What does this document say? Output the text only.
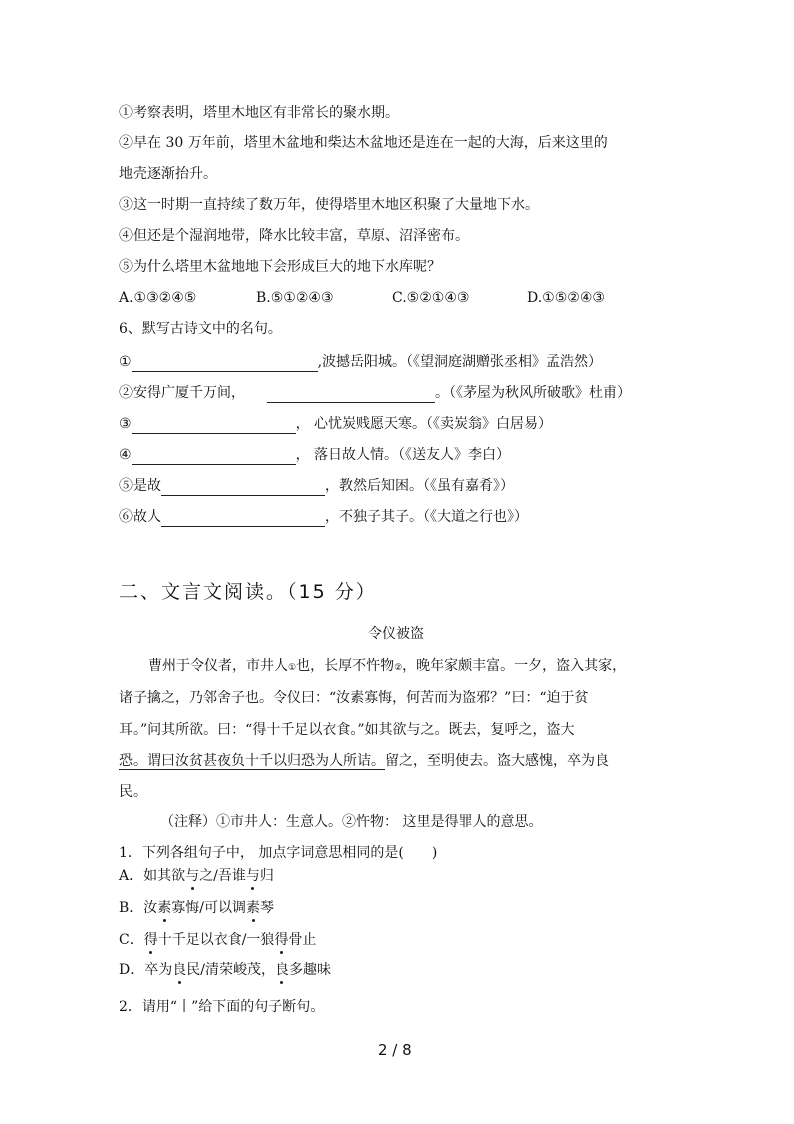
①考察表明，塔里木地区有非常长的聚水期。
②早在 30 万年前，塔里木盆地和柴达木盆地还是连在一起的大海，后来这里的
地壳逐渐抬升。
③这一时期一直持续了数万年，使得塔里木地区积聚了大量地下水。
④但还是个湿润地带，降水比较丰富，草原、沼泽密布。
⑤为什么塔里木盆地地下会形成巨大的地下水库呢？
A.①③②④⑤	B.⑤①②④③	C.⑤②①④③	D.①⑤②④③
6、默写古诗文中的名句。
①	,波撼岳阳城。（《望洞庭湖赠张丞相》孟浩然）
②安得广厦千万间，	。（《茅屋为秋风所破歌》杜甫）
③	， 心忧炭贱愿天寒。（《卖炭翁》白居易）
④	， 落日故人情。（《送友人》李白）
⑤是故	，教然后知困。（《虽有嘉肴》）
⑥故人	，不独子其子。（《大道之行也》）
二、文言文阅读。（15 分）
令仪被盗
曹州于令仪者，市井人①也，长厚不忤物②，晚年家颇丰富。一夕，盗入其家，
诸子擒之，乃邻舍子也。令仪曰：“汝素寡悔，何苦而为盗邪？”曰：“迫于贫
耳。”问其所欲。曰：“得十千足以衣食。”如其欲与之。既去，复呼之，盗大
恐。谓曰汝贫甚夜负十千以归恐为人所诘。留之，至明使去。盗大感愧，卒为良
民。
（注释）①市井人：生意人。②忤物： 这里是得罪人的意思。
1．下列各组句子中， 加点字词意思相同的是(　　)
A．如其欲与之/吾谁与归
B．汝素寡悔/可以调素琴
C．得十千足以衣食/一狼得骨止
D．卒为良民/清荣峻茂，良多趣味
2．请用“丨”给下面的句子断句。
2 / 8
